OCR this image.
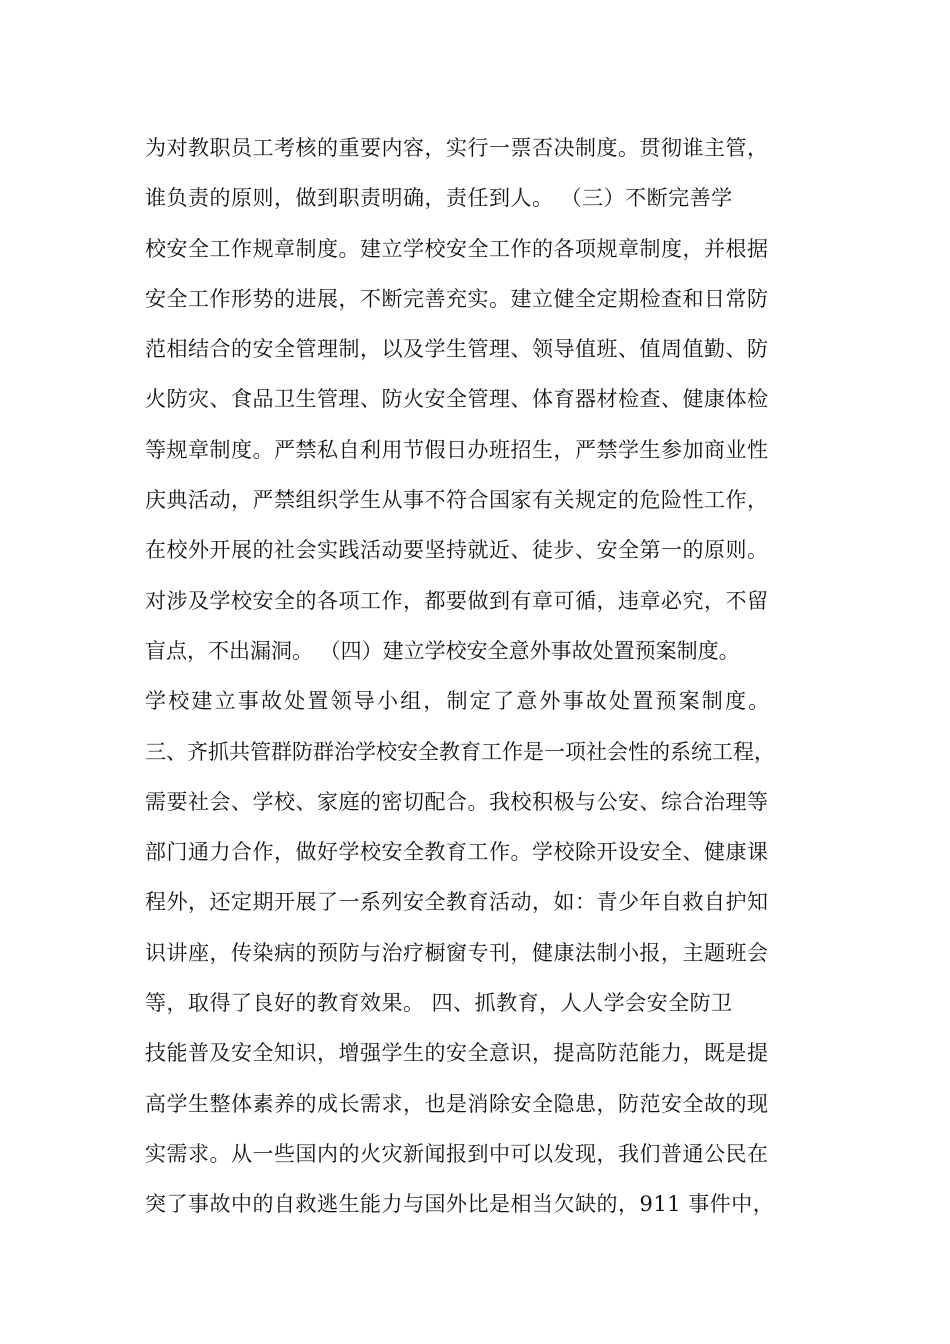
为对教职员工考核的重要内容，实行一票否决制度。贯彻谁主管，
谁负责的原则，做到职责明确，责任到人。 （三）不断完善学
校安全工作规章制度。建立学校安全工作的各项规章制度，并根据
安全工作形势的进展，不断完善充实。建立健全定期检查和日常防
范相结合的安全管理制，以及学生管理、领导值班、值周值勤、防
火防灾、食品卫生管理、防火安全管理、体育器材检查、健康体检
等规章制度。严禁私自利用节假日办班招生，严禁学生参加商业性
庆典活动，严禁组织学生从事不符合国家有关规定的危险性工作，
在校外开展的社会实践活动要坚持就近、徒步、安全第一的原则。
对涉及学校安全的各项工作，都要做到有章可循，违章必究，不留
盲点，不出漏洞。 （四）建立学校安全意外事故处置预案制度。
学校建立事故处置领导小组，制定了意外事故处置预案制度。
三、齐抓共管群防群治学校安全教育工作是一项社会性的系统工程，
需要社会、学校、家庭的密切配合。我校积极与公安、综合治理等
部门通力合作，做好学校安全教育工作。学校除开设安全、健康课
程外，还定期开展了一系列安全教育活动，如：青少年自救自护知
识讲座，传染病的预防与治疗橱窗专刊，健康法制小报，主题班会
等，取得了良好的教育效果。 四、抓教育，人人学会安全防卫
技能普及安全知识，增强学生的安全意识，提高防范能力，既是提
高学生整体素养的成长需求，也是消除安全隐患，防范安全故的现
实需求。从一些国内的火灾新闻报到中可以发现，我们普通公民在
突了事故中的自救逃生能力与国外比是相当欠缺的，911 事件中，
